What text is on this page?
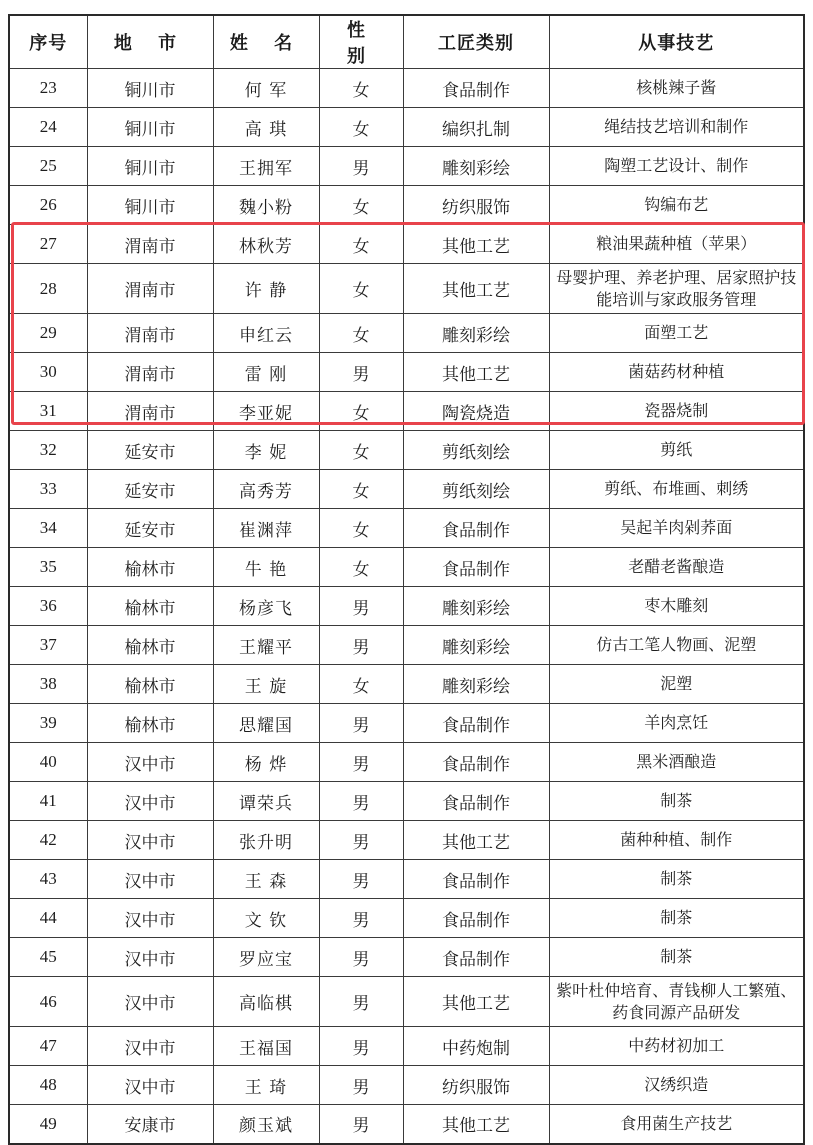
序号	地 市	姓 名	性 别	工匠类别	从事技艺
23	铜川市	何 军	女	食品制作	核桃辣子酱
24	铜川市	高 琪	女	编织扎制	绳结技艺培训和制作
25	铜川市	王拥军	男	雕刻彩绘	陶塑工艺设计、制作
26	铜川市	魏小粉	女	纺织服饰	钩编布艺
27	渭南市	林秋芳	女	其他工艺	粮油果蔬种植（苹果）
28	渭南市	许 静	女	其他工艺	母婴护理、养老护理、居家照护技能培训与家政服务管理
29	渭南市	申红云	女	雕刻彩绘	面塑工艺
30	渭南市	雷 刚	男	其他工艺	菌菇药材种植
31	渭南市	李亚妮	女	陶瓷烧造	瓷器烧制
32	延安市	李 妮	女	剪纸刻绘	剪纸
33	延安市	高秀芳	女	剪纸刻绘	剪纸、布堆画、刺绣
34	延安市	崔渊萍	女	食品制作	吴起羊肉剁荞面
35	榆林市	牛 艳	女	食品制作	老醋老酱酿造
36	榆林市	杨彦飞	男	雕刻彩绘	枣木雕刻
37	榆林市	王耀平	男	雕刻彩绘	仿古工笔人物画、泥塑
38	榆林市	王 旋	女	雕刻彩绘	泥塑
39	榆林市	思耀国	男	食品制作	羊肉烹饪
40	汉中市	杨 烨	男	食品制作	黑米酒酿造
41	汉中市	谭荣兵	男	食品制作	制茶
42	汉中市	张升明	男	其他工艺	菌种种植、制作
43	汉中市	王 森	男	食品制作	制茶
44	汉中市	文 钦	男	食品制作	制茶
45	汉中市	罗应宝	男	食品制作	制茶
46	汉中市	高临棋	男	其他工艺	紫叶杜仲培育、青钱柳人工繁殖、药食同源产品研发
47	汉中市	王福国	男	中药炮制	中药材初加工
48	汉中市	王 琦	男	纺织服饰	汉绣织造
49	安康市	颜玉斌	男	其他工艺	食用菌生产技艺
